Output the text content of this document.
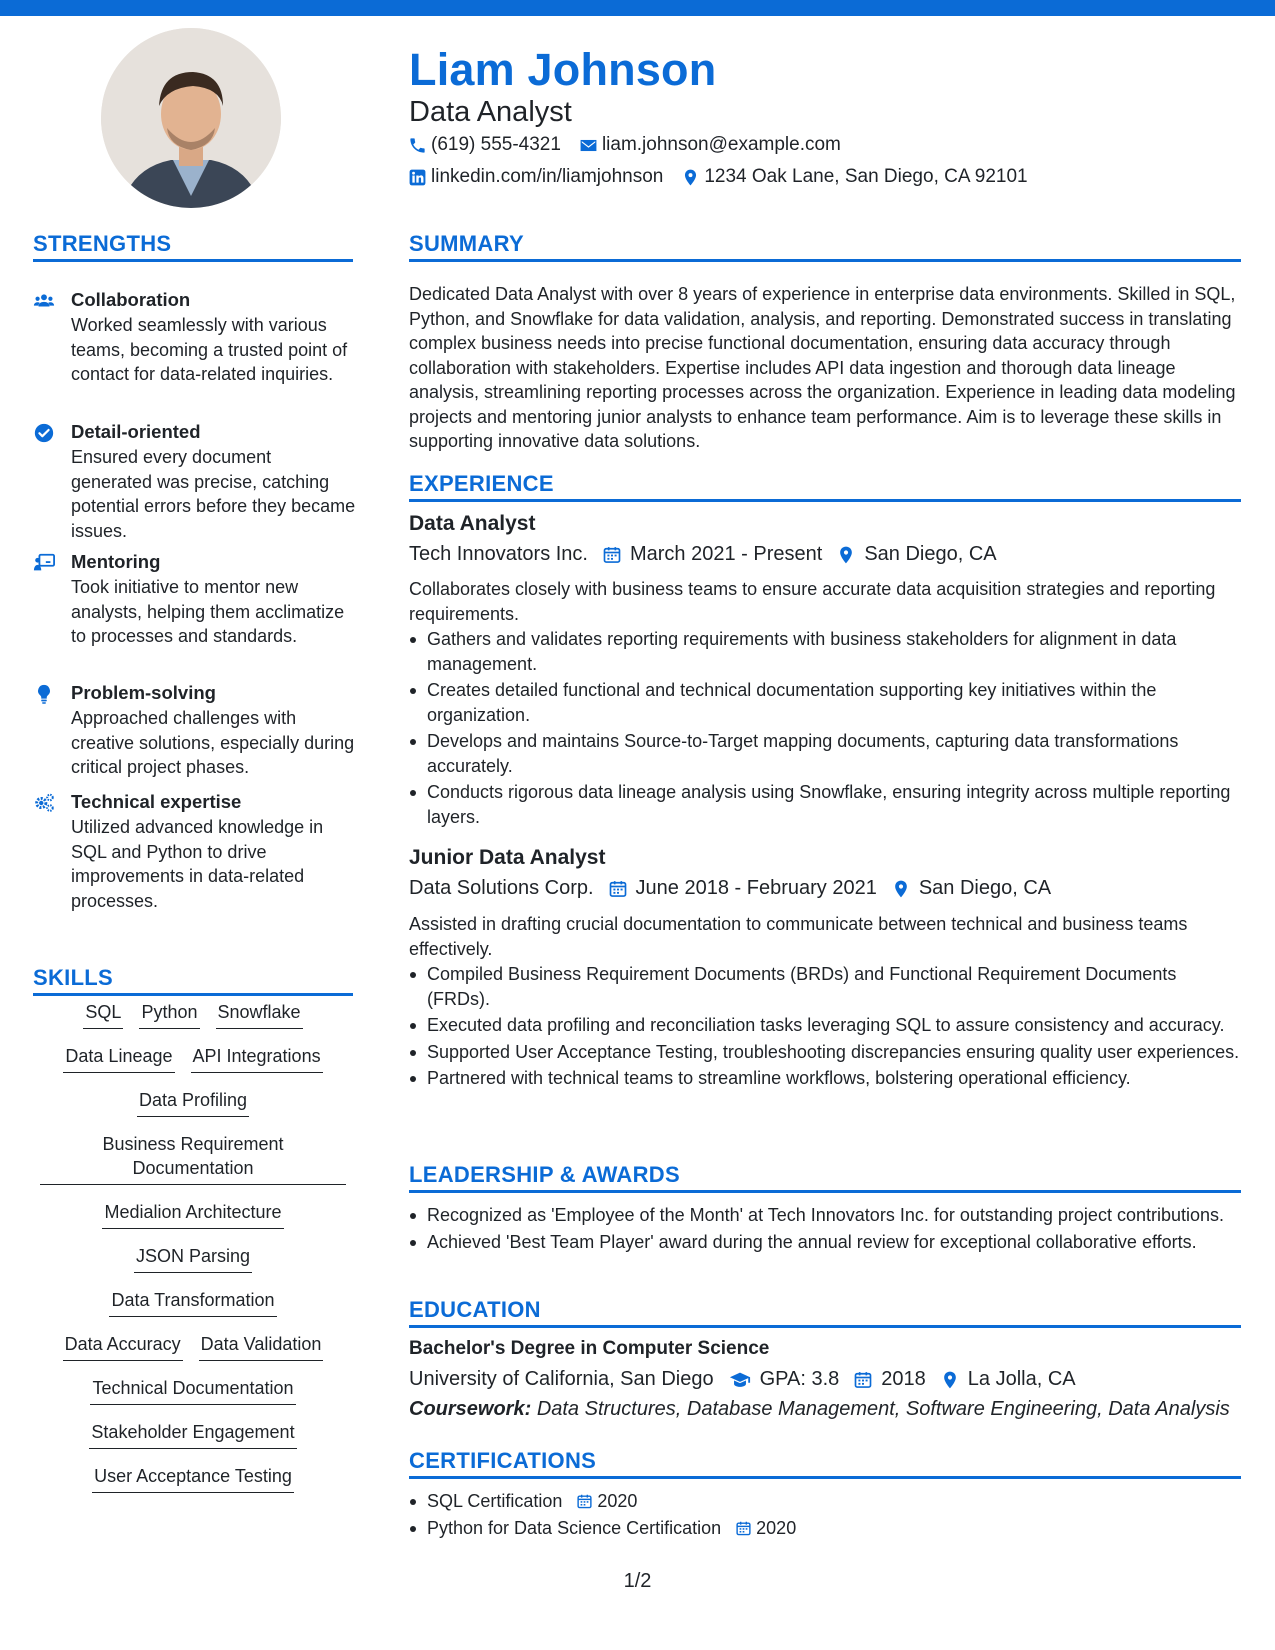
Liam Johnson
Data Analyst
(619) 555-4321 liam.johnson@example.com
linkedin.com/in/liamjohnson 1234 Oak Lane, San Diego, CA 92101
STRENGTHS
Collaboration
Worked seamlessly with various teams, becoming a trusted point of contact for data-related inquiries.
Detail-oriented
Ensured every document generated was precise, catching potential errors before they became issues.
Mentoring
Took initiative to mentor new analysts, helping them acclimatize to processes and standards.
Problem-solving
Approached challenges with creative solutions, especially during critical project phases.
Technical expertise
Utilized advanced knowledge in SQL and Python to drive improvements in data-related processes.
SKILLS
SQL Python Snowflake
Data Lineage API Integrations
Data Profiling
Business Requirement Documentation
Medialion Architecture
JSON Parsing
Data Transformation
Data Accuracy Data Validation
Technical Documentation
Stakeholder Engagement
User Acceptance Testing
SUMMARY
Dedicated Data Analyst with over 8 years of experience in enterprise data environments. Skilled in SQL, Python, and Snowflake for data validation, analysis, and reporting. Demonstrated success in translating complex business needs into precise functional documentation, ensuring data accuracy through collaboration with stakeholders. Expertise includes API data ingestion and thorough data lineage analysis, streamlining reporting processes across the organization. Experience in leading data modeling projects and mentoring junior analysts to enhance team performance. Aim is to leverage these skills in supporting innovative data solutions.
EXPERIENCE
Data Analyst
Tech Innovators Inc. March 2021 - Present San Diego, CA
Collaborates closely with business teams to ensure accurate data acquisition strategies and reporting requirements.
Gathers and validates reporting requirements with business stakeholders for alignment in data management.
Creates detailed functional and technical documentation supporting key initiatives within the organization.
Develops and maintains Source-to-Target mapping documents, capturing data transformations accurately.
Conducts rigorous data lineage analysis using Snowflake, ensuring integrity across multiple reporting layers.
Junior Data Analyst
Data Solutions Corp. June 2018 - February 2021 San Diego, CA
Assisted in drafting crucial documentation to communicate between technical and business teams effectively.
Compiled Business Requirement Documents (BRDs) and Functional Requirement Documents (FRDs).
Executed data profiling and reconciliation tasks leveraging SQL to assure consistency and accuracy.
Supported User Acceptance Testing, troubleshooting discrepancies ensuring quality user experiences.
Partnered with technical teams to streamline workflows, bolstering operational efficiency.
LEADERSHIP & AWARDS
Recognized as 'Employee of the Month' at Tech Innovators Inc. for outstanding project contributions.
Achieved 'Best Team Player' award during the annual review for exceptional collaborative efforts.
EDUCATION
Bachelor's Degree in Computer Science
University of California, San Diego GPA: 3.8 2018 La Jolla, CA
Coursework: Data Structures, Database Management, Software Engineering, Data Analysis
CERTIFICATIONS
SQL Certification 2020
Python for Data Science Certification 2020
1/2
